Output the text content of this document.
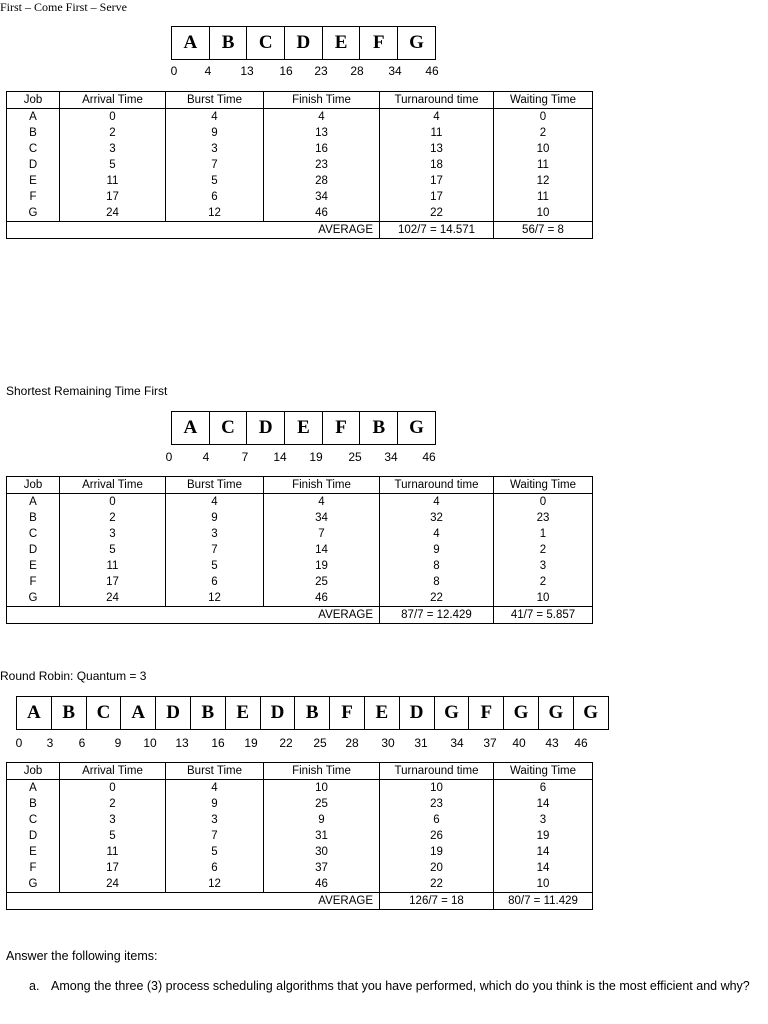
First – Come First – Serve
A	B	C	D	E	F	G
0 4 13 16 23 28 34 46
Job	Arrival Time	Burst Time	Finish Time	Turnaround time	Waiting Time
A	0	4	4	4	0
B	2	9	13	11	2
C	3	3	16	13	10
D	5	7	23	18	11
E	11	5	28	17	12
F	17	6	34	17	11
G	24	12	46	22	10
			AVERAGE	102/7 = 14.571	56/7 = 8
Shortest Remaining Time First
A	C	D	E	F	B	G
0	4	7 14 19 25 34 46
Job	Arrival Time	Burst Time	Finish Time	Turnaround time	Waiting Time
A	0	4	4	4	0
B	2	9	34	32	23
C	3	3	7	4	1
D	5	7	14	9	2
E	11	5	19	8	3
F	17	6	25	8	2
G	24	12	46	22	10
			AVERAGE	87/7 = 12.429	41/7 = 5.857
Round Robin: Quantum = 3
A	B	C	A	D	B	E	D	B	F	E	D	G	F	G	G	G
0 3 6 9 10 13 16 19 22 25 28 30 31 34 37 40 43 46
Job	Arrival Time	Burst Time	Finish Time	Turnaround time	Waiting Time
A	0	4	10	10	6
B	2	9	25	23	14
C	3	3	9	6	3
D	5	7	31	26	19
E	11	5	30	19	14
F	17	6	37	20	14
G	24	12	46	22	10
			AVERAGE	126/7 = 18	80/7 = 11.429
Answer the following items:
a. Among the three (3) process scheduling algorithms that you have performed, which do you think is the most efficient and why?
